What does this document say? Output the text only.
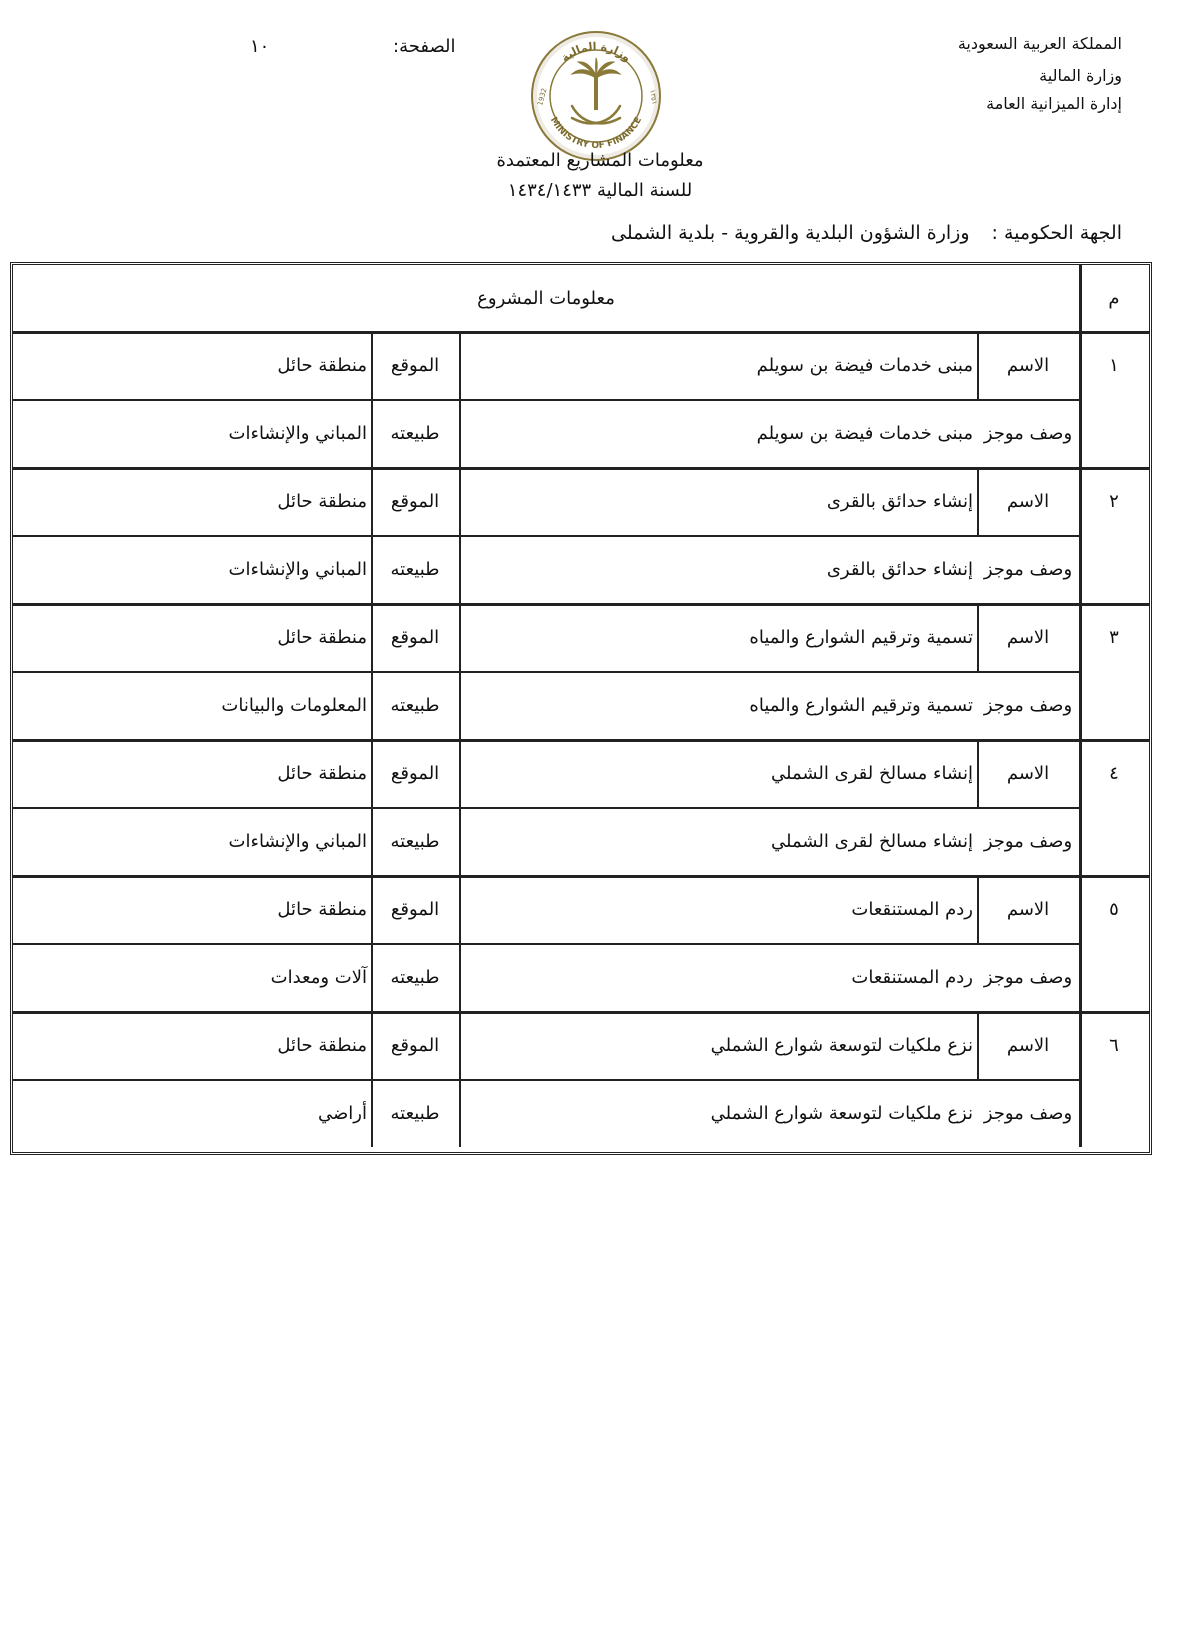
المملكة العربية السعودية
وزارة المالية
إدارة الميزانية العامة
الصفحة:
١٠
وزارة المالية
MINISTRY OF FINANCE
1932	١٣٥١
معلومات المشاريع المعتمدة
للسنة المالية ١٤٣٤/١٤٣٣
الجهة الحكومية :وزارة الشؤون البلدية والقروية - بلدية الشملى
م
معلومات المشروع
١
الاسم
مبنى خدمات فيضة بن سويلم
الموقع
منطقة حائل
وصف موجز
مبنى خدمات فيضة بن سويلم
طبيعته
المباني والإنشاءات
٢
الاسم
إنشاء حدائق بالقرى
الموقع
منطقة حائل
وصف موجز
إنشاء حدائق بالقرى
طبيعته
المباني والإنشاءات
٣
الاسم
تسمية وترقيم الشوارع والمياه
الموقع
منطقة حائل
وصف موجز
تسمية وترقيم الشوارع والمياه
طبيعته
المعلومات والبيانات
٤
الاسم
إنشاء مسالخ لقرى الشملي
الموقع
منطقة حائل
وصف موجز
إنشاء مسالخ لقرى الشملي
طبيعته
المباني والإنشاءات
٥
الاسم
ردم المستنقعات
الموقع
منطقة حائل
وصف موجز
ردم المستنقعات
طبيعته
آلات ومعدات
٦
الاسم
نزع ملكيات لتوسعة شوارع الشملي
الموقع
منطقة حائل
وصف موجز
نزع ملكيات لتوسعة شوارع الشملي
طبيعته
أراضي
